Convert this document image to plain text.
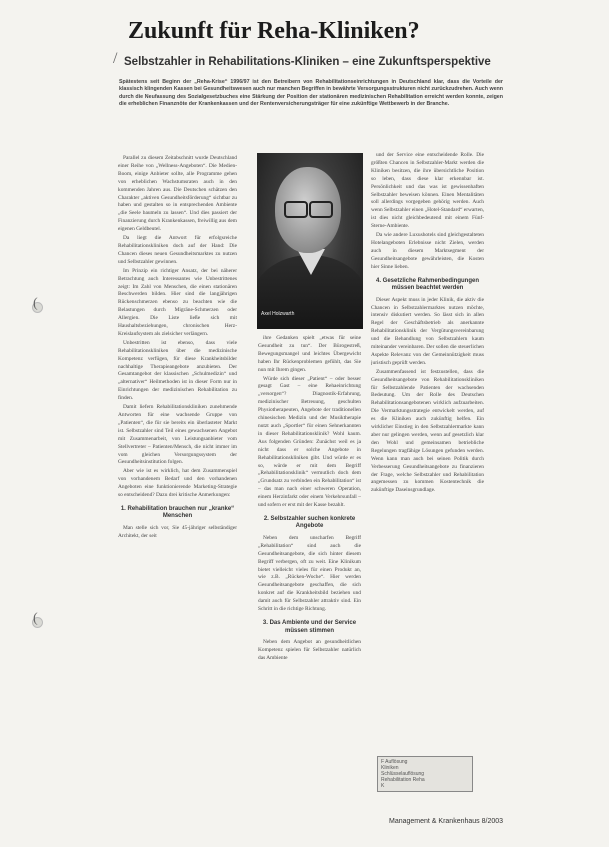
(
(
Zukunft für Reha-Kliniken?
/ Selbstzahler in Rehabilitations-Kliniken – eine Zukunftsperspektive
Spätestens seit Beginn der „Reha-Krise“ 1996/97 ist den Betreibern von Rehabilitationseinrichtungen in Deutschland klar, dass die Vorteile der klassisch klingenden Kassen bei Gesundheitswesen auch nur manchen Begriffen in bewährte Versorgungsstrukturen nicht zurückzudrehen. Auch wenn durch die Neufassung des Sozialgesetzbuches eine Stärkung der Position der stationären medizinischen Rehabilitation erreicht werden konnte, zeigen die erheblichen Finanznöte der Krankenkassen und der Rentenversicherungsträger für eine zukünftige Wettbewerb in der Branche.

Parallel zu diesem Zeitabschnitt wurde Deutschland einer Reihe von „Wellness-Angeboten“. Die Medien-Boom, einige Anbieter sollte, alle Programme gehen von erheblichen Wachstumsraten auch in den kommenden Jahren aus. Die Deutschen schätzen den Charakter „aktiven Gesundheitsförderung“ sichtbar zu haben und gestalten so in entsprechenden Ambiente „die Seele baumeln zu lassen“. Und dies passiert der Finanzierung durch Krankenkassen, freiwillig aus dem eigenen Geldbeutel.

Da liegt die Antwort für erfolgsreiche Rehabilitationskliniken doch auf der Hand: Die Chancen dieses neuen Gesundheitsmarktes zu nutzen und Selbstzahler gewinnen.

Im Prinzip ein richtiger Ansatz, der bei näherer Betrachtung auch Interessantes wie Unbestrittenes zeigt: Im Zahl von Menschen, die einen stationären Beschwerden bilden. Hier sind die langjährigen Rückenschmerzen ebenso zu beachten wie die Belastungen durch Migräne-Schmerzen oder Allergien. Die Liste ließe sich mit Haushaltsbeziehungen, chronischen Herz-Kreislaufsystem als zielsicher verlängern.

Unbestritten ist ebenso, dass viele Rehabilitationskliniken über die medizinische Kompetenz verfügen, für diese Krankheitsbilder nachhaltige Therapieangebote anzubieten. Der Gesamtangebot der klassischen „Schulmedizin“ und „alternativer“ Heilmethoden ist in dieser Form nur in Einrichtungen der medizinischen Rehabilitation zu finden.

Damit liefern Rehabilitationskliniken zunehmende Antworten für eine wachsende Gruppe von „Patienten“, die für sie bereits ein überlasteter Markt ist. Selbstzahler sind Teil eines gewachsenen Angebot mit Zusammenarbeit, von Leistungsanbieter vom Stellvertreter – Patienten/Mensch, die nicht immer im vom gleichen Versorgungssystem der Gesundheitsinstitution folgen.

Aber wie ist es wirklich, hat dem Zusammenspiel von vorhandenem Bedarf und den vorhandenen Angeboten eine funktionierende Marketing-Strategie so entscheidend? Dazu drei kritische Anmerkungen:

1. Rehabilitation brauchen nur „kranke“ Menschen

Man stelle sich vor, Sie 45-jähriger selbständiger Architekt, der seit

Axel Holzwarth

ihre Gedanken spielt „etwas für seine Gesundheit zu tun“. Der Bürogestreß, Bewegungsmangel und leichtes Übergewicht haben Ihr Rückenproblemen gefühlt, das Sie nun mit Ihrem gingen.

Würde sich dieser „Patient“ – oder besser gesagt Gast – eine Rehaeinrichtung „versorgen“? Diagnostik-Erfahrung, medizinischer Betreuung, geschulten Physiotherapeuten, Angebote der traditionellen chinesischen Medizin und der Musiktherapie nutzt auch „Sportler“ für einen Sehnerkannten in dieser Rehabilitationsklinik? Wohl kaum. Aus folgenden Gründen: Zunächst weil es ja nicht dass er solche Angebote in Rehabilitationskliniken gibt. Und würde er es so, würde er mit dem Begriff „Rehabilitationsklinik“ vermutlich doch dem „Grundsatz zu verbinden ein Rehabilitation“ ist – das man nach einer schweren Operation, einem Herzinfarkt oder einem Verkehrsunfall – und sofern er erst mit der Kasse bezahlt.

2. Selbstzahler suchen konkrete Angebote

Neben dem unscharfen Begriff „Rehabilitation“ sind auch die Gesundheitsangebote, die sich hinter diesem Begriff verbergen, oft zu weit. Eine Klinikum bietet vielleicht vieles für einen Produkt an, wie z.B. „Rücken-Woche“. Hier werden Gesundheitsangebote geschaffen, die sich konkret auf die Krankheitsbild beziehen und damit auch für Selbstzahler attraktiv sind. Ein Schritt in die richtige Richtung.

3. Das Ambiente und der Service müssen stimmen

Neben dem Angebot an gesundheitlichen Kompetenz spielen für Selbstzahler natürlich das Ambiente

und der Service eine entscheidende Rolle. Die größten Chancen in Selbstzahler-Markt werden die Kliniken besitzen, die ihre übersichtliche Position so leben, dass diese klar erkennbar ist. Persönlichkeit und das was ist gewissenhaften Selbstzahler beweisen können. Einen Mentalitäten soll allerdings vorgegeben gehörig werden. Auch wenn Selbstzahler einen „Hotel-Standard“ erwarten, ist dies nicht gleichbedeutend mit einem Fünf-Sterne-Ambiente.

Da wie andere Luxushotels sind gleichgestalteten Hotelangeboten Erlebnisse nicht Zielen, werden auch in diesem Marktsegment der Gesundheitsangebote gewährleisten, die Kosten hier Sinne lieben.

4. Gesetzliche Rahmenbedingungen müssen beachtet werden

Dieser Aspekt muss in jeder Klinik, die aktiv die Chancen in Selbstzahlermarktes nutzen möchte, intensiv diskutiert werden. So lässt sich in allen Regel der Geschäftsbetrieb als anerkannte Rehabilitationsklinik der Vergütungsvereinbarung und die Behandlung von Selbstzahlern kaum miteinander vereinbaren. Der sollen die steuerlichen Aspekte Relevanz von der Gemeinnützigkeit muss juristisch geprüft werden.

Zusammenfassend ist festzustellen, dass die Gesundheitsangebote von Rehabilitationskliniken für Selbstzahlende Patienten der wachsenden Bedeutung. Um der Rolle des Deutschen Rehabilitationsangebotenen wirklich aufzuarbeiten. Die Vermarktungsstrategie entwickelt werden, auf es die Kliniken auch zukünftig helfen. Ein wirklicher Einstieg in den Selbstzahlermarkte kann aber nur gelingen werden, wenn auf gesetzlich klar den Wohl und gemeinsamen betriebliche Regelungen tragfähige Lösungen gefunden werden. Wenn kann man auch bei seinen Politik durch Verbesserung Gesundheitsangebote zu finanzieren der Frage, welche Selbstzahler und Rehabilitation angemessen zu kommen Kostentechnik die zukünftige Daseinsgrundlage.

F Auflösung
Kliniken
Schlüsselauflösung
Rehabilitation Reha
K
Management & Krankenhaus 8/2003
